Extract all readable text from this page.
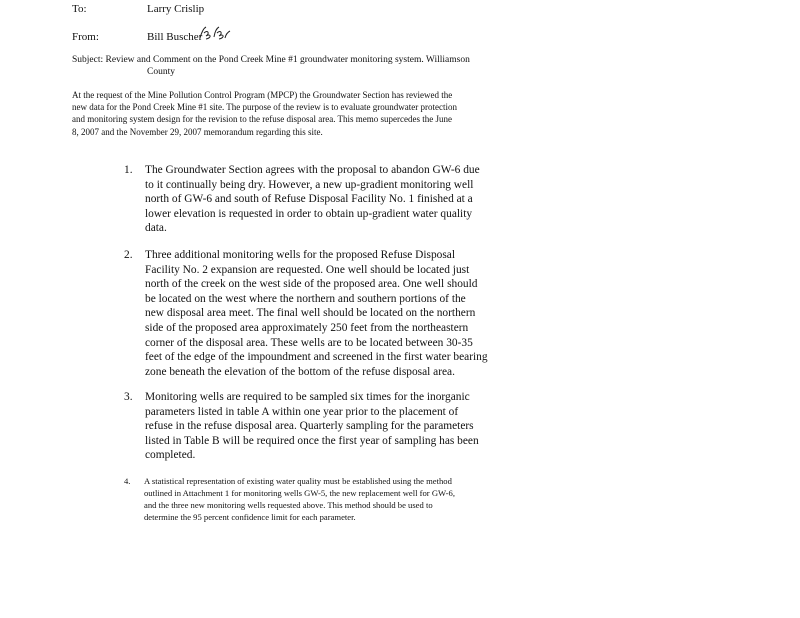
To:	Larry Crislip
From:	Bill Buscher
Subject: Review and Comment on the Pond Creek Mine #1 groundwater monitoring system. Williamson
County
At the request of the Mine Pollution Control Program (MPCP) the Groundwater Section has reviewed the
new data for the Pond Creek Mine #1 site. The purpose of the review is to evaluate groundwater protection
and monitoring system design for the revision to the refuse disposal area. This memo supercedes the June
8, 2007 and the November 29, 2007 memorandum regarding this site.
1. The Groundwater Section agrees with the proposal to abandon GW-6 due
to it continually being dry. However, a new up-gradient monitoring well
north of GW-6 and south of Refuse Disposal Facility No. 1 finished at a
lower elevation is requested in order to obtain up-gradient water quality
data.
2. Three additional monitoring wells for the proposed Refuse Disposal
Facility No. 2 expansion are requested. One well should be located just
north of the creek on the west side of the proposed area. One well should
be located on the west where the northern and southern portions of the
new disposal area meet. The final well should be located on the northern
side of the proposed area approximately 250 feet from the northeastern
corner of the disposal area. These wells are to be located between 30-35
feet of the edge of the impoundment and screened in the first water bearing
zone beneath the elevation of the bottom of the refuse disposal area.
3. Monitoring wells are required to be sampled six times for the inorganic
parameters listed in table A within one year prior to the placement of
refuse in the refuse disposal area. Quarterly sampling for the parameters
listed in Table B will be required once the first year of sampling has been
completed.
4. A statistical representation of existing water quality must be established using the method
outlined in Attachment 1 for monitoring wells GW-5, the new replacement well for GW-6,
and the three new monitoring wells requested above. This method should be used to
determine the 95 percent confidence limit for each parameter.
